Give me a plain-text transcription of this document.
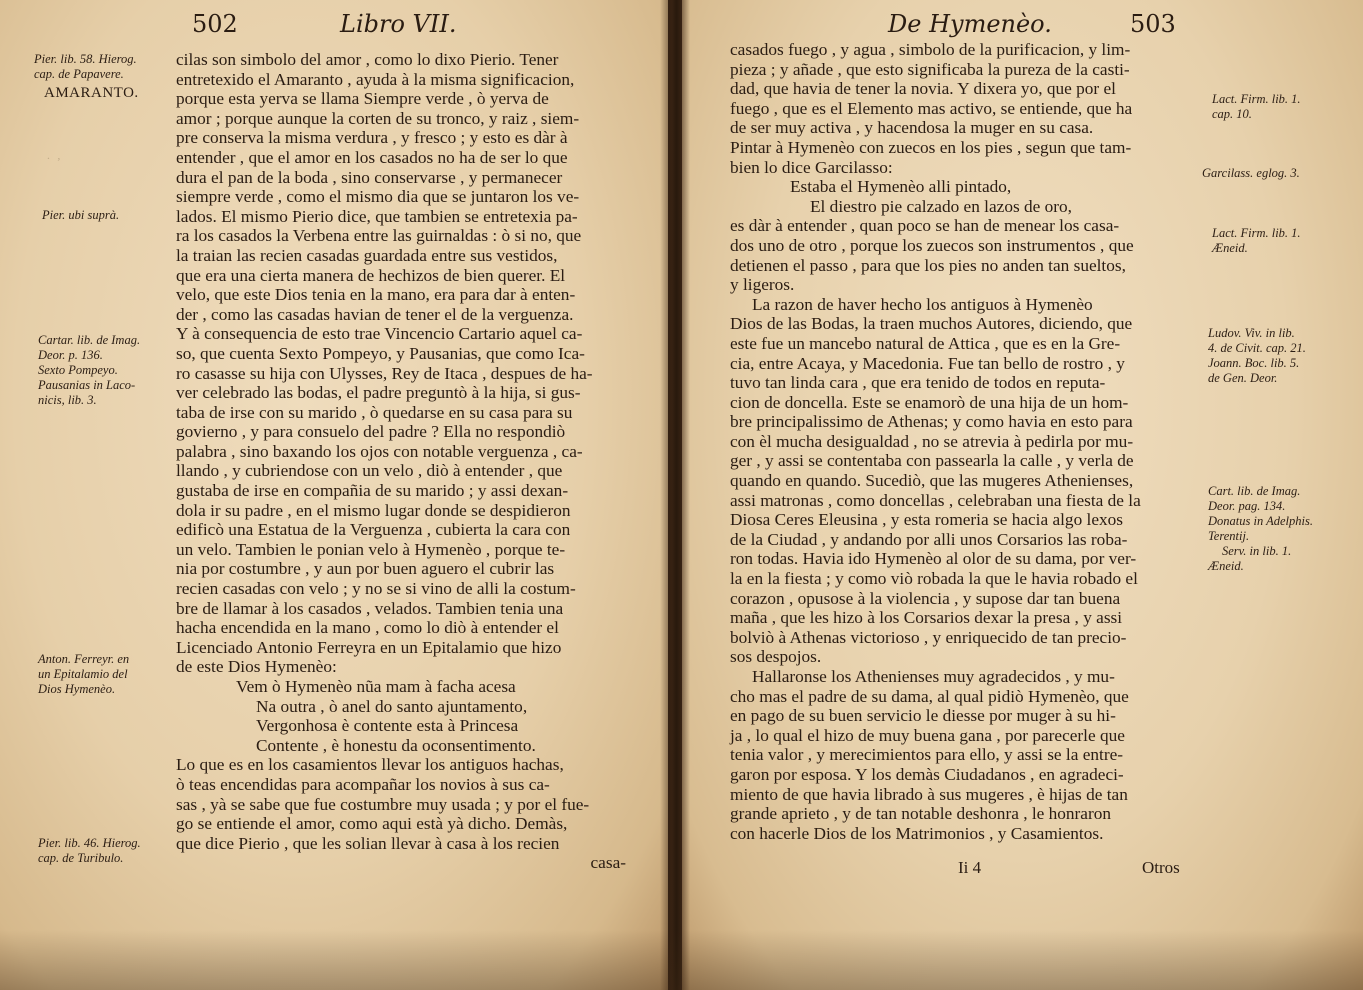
502	Libro VII.
cilas son simbolo del amor , como lo dixo Pierio. Tener
entretexido el Amaranto , ayuda à la misma significacion,
porque esta yerva se llama Siempre verde , ò yerva de
amor ; porque aunque la corten de su tronco, y raiz , siem-
pre conserva la misma verdura , y fresco ; y esto es dàr à
entender , que el amor en los casados no ha de ser lo que
dura el pan de la boda , sino conservarse , y permanecer
siempre verde , como el mismo dia que se juntaron los ve-
lados. El mismo Pierio dice, que tambien se entretexia pa-
ra los casados la Verbena entre las guirnaldas : ò si no, que
la traian las recien casadas guardada entre sus vestidos,
que era una cierta manera de hechizos de bien querer. El
velo, que este Dios tenia en la mano, era para dar à enten-
der , como las casadas havian de tener el de la verguenza.
Y à consequencia de esto trae Vincencio Cartario aquel ca-
so, que cuenta Sexto Pompeyo, y Pausanias, que como Ica-
ro casasse su hija con Ulysses, Rey de Itaca , despues de ha-
ver celebrado las bodas, el padre preguntò à la hija, si gus-
taba de irse con su marido , ò quedarse en su casa para su
govierno , y para consuelo del padre ? Ella no respondiò
palabra , sino baxando los ojos con notable verguenza , ca-
llando , y cubriendose con un velo , diò à entender , que
gustaba de irse en compañia de su marido ; y assi dexan-
dola ir su padre , en el mismo lugar donde se despidieron
edificò una Estatua de la Verguenza , cubierta la cara con
un velo. Tambien le ponian velo à Hymenèo , porque te-
nia por costumbre , y aun por buen aguero el cubrir las
recien casadas con velo ; y no se si vino de alli la costum-
bre de llamar à los casados , velados. Tambien tenia una
hacha encendida en la mano , como lo diò à entender el
Licenciado Antonio Ferreyra en un Epitalamio que hizo
de este Dios Hymenèo:
Vem ò Hymenèo nũa mam à facha acesa
Na outra , ò anel do santo ajuntamento,
Vergonhosa è contente esta à Princesa
Contente , è honestu da oconsentimento.
Lo que es en los casamientos llevar los antiguos hachas,
ò teas encendidas para acompañar los novios à sus ca-
sas , yà se sabe que fue costumbre muy usada ; y por el fue-
go se entiende el amor, como aqui està yà dicho. Demàs,
que dice Pierio , que les solian llevar à casa à los recien
casa-
Pier. lib. 58. Hierog.
cap. de Papavere.
AMARANTO.
Pier. ubi suprà.
Cartar. lib. de Imag.
Deor. p. 136.
Sexto Pompeyo.
Pausanias in Laco-
nicis, lib. 3.
Anton. Ferreyr. en
un Epitalamio del
Dios Hymenèo.
Pier. lib. 46. Hierog.
cap. de Turibulo.
   .   ,
De Hymenèo.	503
casados fuego , y agua , simbolo de la purificacion, y lim-
pieza ; y añade , que esto significaba la pureza de la casti-
dad, que havia de tener la novia. Y dixera yo, que por el
fuego , que es el Elemento mas activo, se entiende, que ha
de ser muy activa , y hacendosa la muger en su casa.
Pintar à Hymenèo con zuecos en los pies , segun que tam-
bien lo dice Garcilasso:
Estaba el Hymenèo alli pintado,
El diestro pie calzado en lazos de oro,
es dàr à entender , quan poco se han de menear los casa-
dos uno de otro , porque los zuecos son instrumentos , que
detienen el passo , para que los pies no anden tan sueltos,
y ligeros.
La razon de haver hecho los antiguos à Hymenèo
Dios de las Bodas, la traen muchos Autores, diciendo, que
este fue un mancebo natural de Attica , que es en la Gre-
cia, entre Acaya, y Macedonia. Fue tan bello de rostro , y
tuvo tan linda cara , que era tenido de todos en reputa-
cion de doncella. Este se enamorò de una hija de un hom-
bre principalissimo de Athenas; y como havia en esto para
con èl mucha desigualdad , no se atrevia à pedirla por mu-
ger , y assi se contentaba con passearla la calle , y verla de
quando en quando. Sucediò, que las mugeres Athenienses,
assi matronas , como doncellas , celebraban una fiesta de la
Diosa Ceres Eleusina , y esta romeria se hacia algo lexos
de la Ciudad , y andando por alli unos Corsarios las roba-
ron todas. Havia ido Hymenèo al olor de su dama, por ver-
la en la fiesta ; y como viò robada la que le havia robado el
corazon , opusose à la violencia , y supose dar tan buena
maña , que les hizo à los Corsarios dexar la presa , y assi
bolviò à Athenas victorioso , y enriquecido de tan precio-
sos despojos.
Hallaronse los Athenienses muy agradecidos , y mu-
cho mas el padre de su dama, al qual pidiò Hymenèo, que
en pago de su buen servicio le diesse por muger à su hi-
ja , lo qual el hizo de muy buena gana , por parecerle que
tenia valor , y merecimientos para ello, y assi se la entre-
garon por esposa. Y los demàs Ciudadanos , en agradeci-
miento de que havia librado à sus mugeres , è hijas de tan
grande aprieto , y de tan notable deshonra , le honraron
con hacerle Dios de los Matrimonios , y Casamientos.
Ii 4	Otros
Lact. Firm. lib. 1.
cap. 10.
Garcilass. eglog. 3.
Lact. Firm. lib. 1.
Æneid.
Ludov. Viv. in lib.
4. de Civit. cap. 21.
Joann. Boc. lib. 5.
de Gen. Deor.
Cart. lib. de Imag.
Deor. pag. 134.
Donatus in Adelphis.
Terentij.
Serv. in lib. 1.
Æneid.
